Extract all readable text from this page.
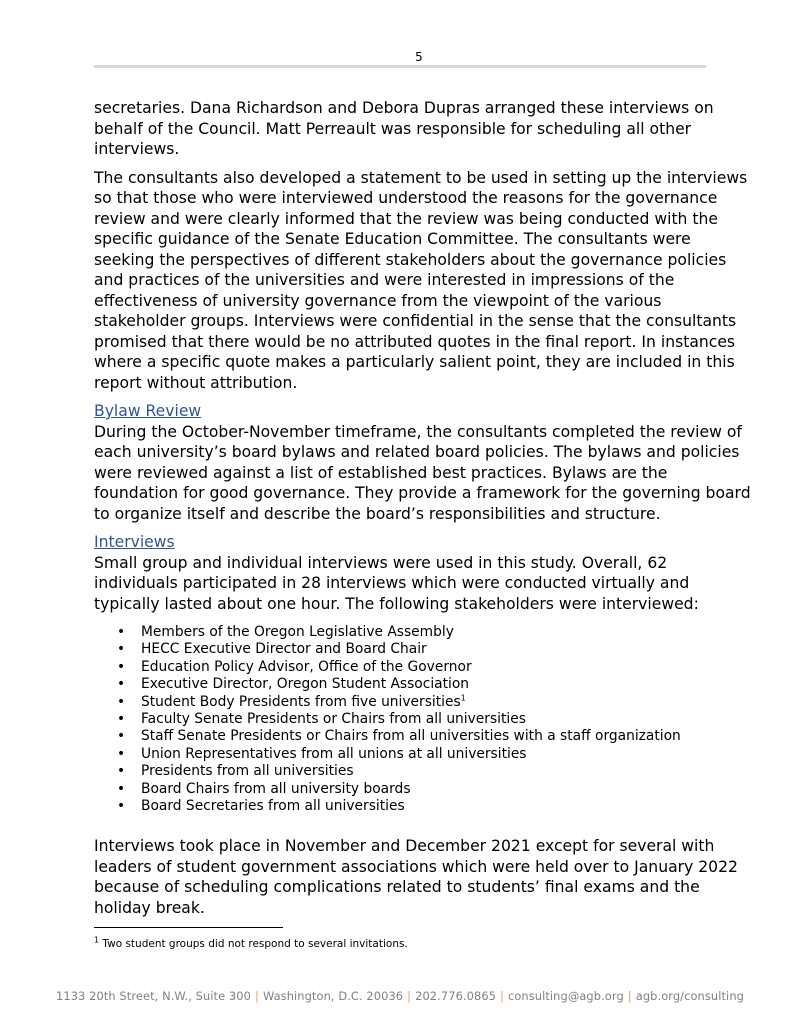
5

secretaries. Dana Richardson and Debora Dupras arranged these interviews on behalf of the Council. Matt Perreault was responsible for scheduling all other interviews.

The consultants also developed a statement to be used in setting up the interviews so that those who were interviewed understood the reasons for the governance review and were clearly informed that the review was being conducted with the specific guidance of the Senate Education Committee. The consultants were seeking the perspectives of different stakeholders about the governance policies and practices of the universities and were interested in impressions of the effectiveness of university governance from the viewpoint of the various stakeholder groups. Interviews were confidential in the sense that the consultants promised that there would be no attributed quotes in the final report. In instances where a specific quote makes a particularly salient point, they are included in this report without attribution.

Bylaw Review

During the October-November timeframe, the consultants completed the review of each university’s board bylaws and related board policies. The bylaws and policies were reviewed against a list of established best practices. Bylaws are the foundation for good governance. They provide a framework for the governing board to organize itself and describe the board’s responsibilities and structure.

Interviews

Small group and individual interviews were used in this study. Overall, 62 individuals participated in 28 interviews which were conducted virtually and typically lasted about one hour. The following stakeholders were interviewed:

• Members of the Oregon Legislative Assembly
• HECC Executive Director and Board Chair
• Education Policy Advisor, Office of the Governor
• Executive Director, Oregon Student Association
• Student Body Presidents from five universities$^1$
• Faculty Senate Presidents or Chairs from all universities
• Staff Senate Presidents or Chairs from all universities with a staff organization
• Union Representatives from all unions at all universities
• Presidents from all universities
• Board Chairs from all university boards
• Board Secretaries from all universities

Interviews took place in November and December 2021 except for several with leaders of student government associations which were held over to January 2022 because of scheduling complications related to students’ final exams and the holiday break.

$^1$ Two student groups did not respond to several invitations.
1133 20th Street, N.W., Suite 300 | Washington, D.C. 20036 | 202.776.0865 | consulting@agb.org | agb.org/consulting
